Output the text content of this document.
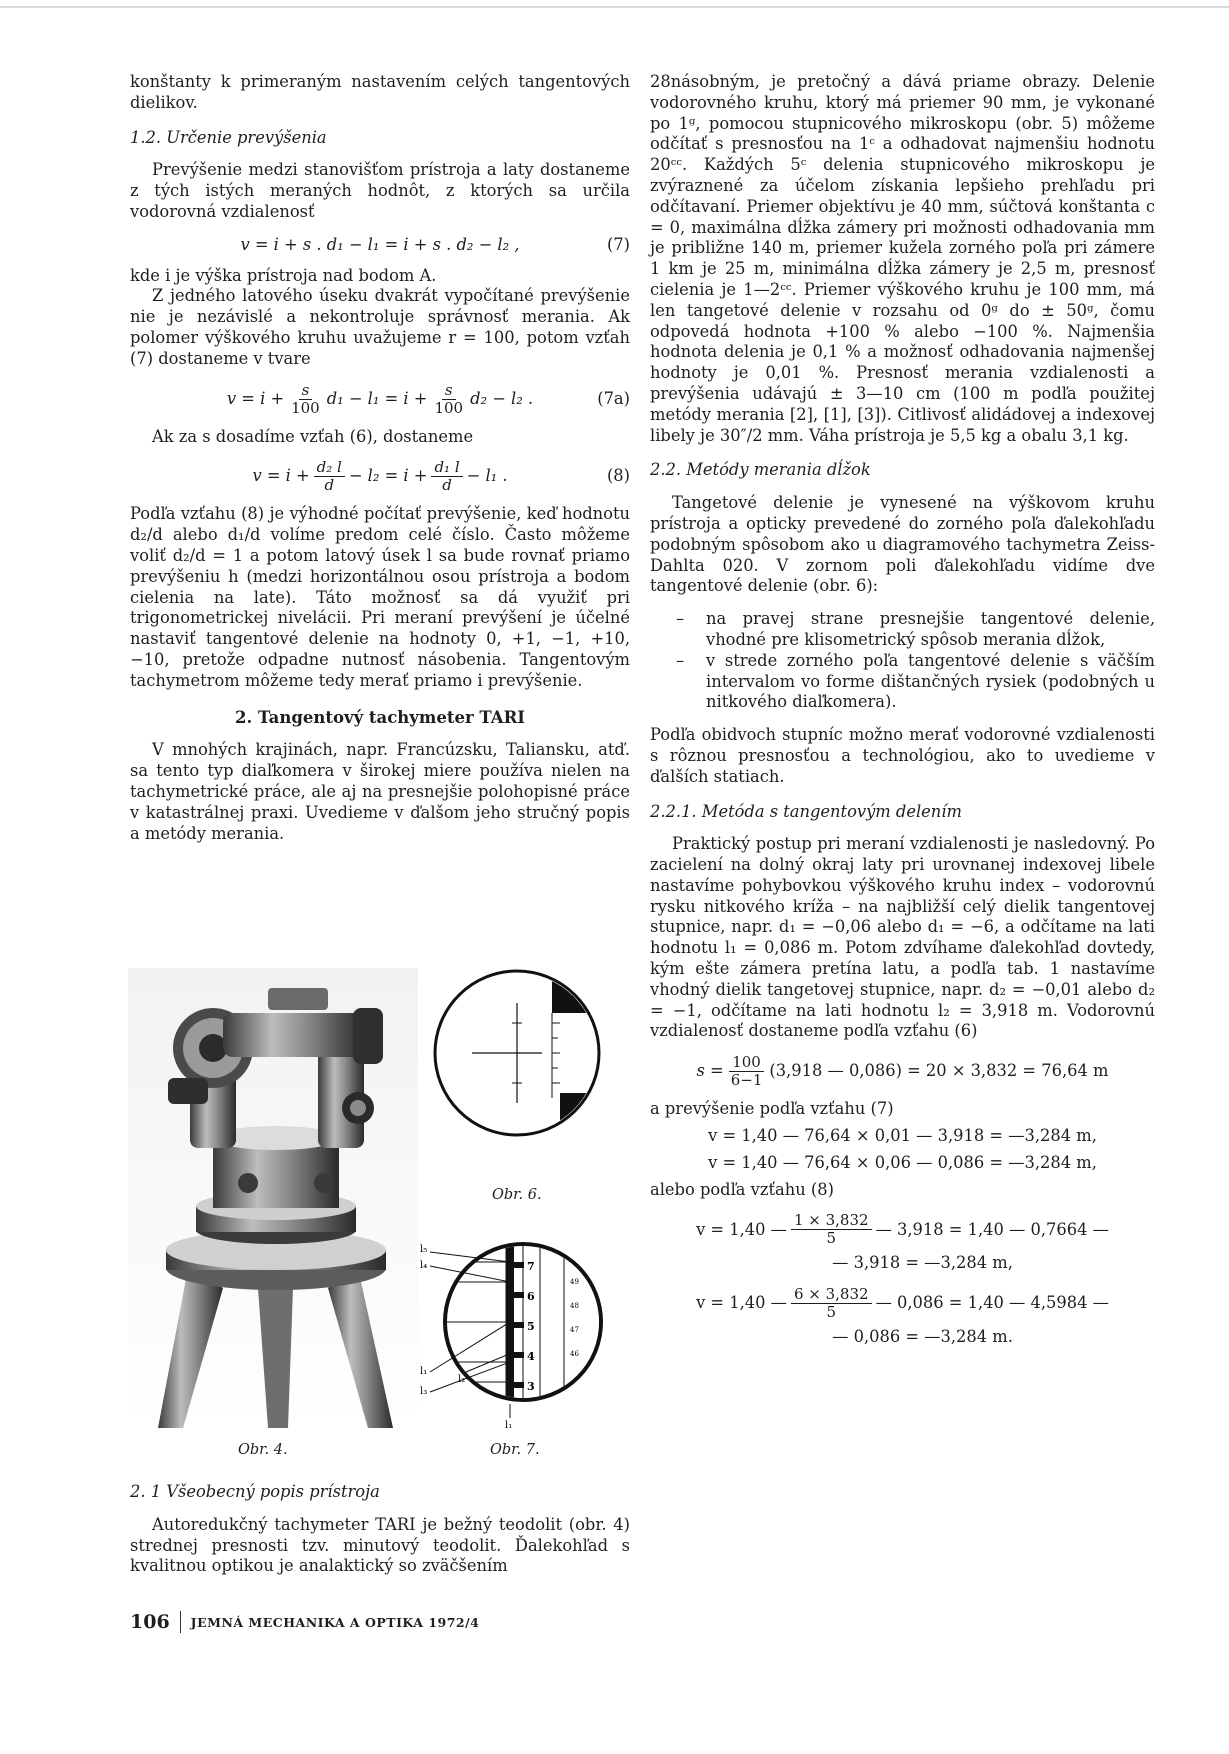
konštanty k primeraným nastavením celých tangentových dielikov.

1.2. Určenie prevýšenia

Prevýšenie medzi stanovišťom prístroja a laty dostaneme z tých istých meraných hodnôt, z ktorých sa určila vodorovná vzdialenosť

v = i + s . d₁ − l₁ = i + s . d₂ − l₂ ,	(7)

kde i je výška prístroja nad bodom A.

Z jedného latového úseku dvakrát vypočítané prevýšenie nie je nezávislé a nekontroluje správnosť merania. Ak polomer výškového kruhu uvažujeme r = 100, potom vzťah (7) dostaneme v tvare

$v = i + \frac{s}{100} d_1 - l_1 = i + \frac{s}{100} d_2 - l_2$ .	(7a)

Ak za s dosadíme vzťah (6), dostaneme

$v = i + \frac{\text{d₂ l}}{d} - l_2 = i + \frac{\text{d₁ l}}{d} - l_1$ .	(8)

Podľa vzťahu (8) je výhodné počítať prevýšenie, keď hodnotu d₂/d alebo d₁/d volíme predom celé číslo. Často môžeme voliť d₂/d = 1 a potom latový úsek l sa bude rovnať priamo prevýšeniu h (medzi horizontálnou osou prístroja a bodom cielenia na late). Táto možnosť sa dá využiť pri trigonometrickej nivelácii. Pri meraní prevýšení je účelné nastaviť tangentové delenie na hodnoty 0, +1, −1, +10, −10, pretože odpadne nutnosť násobenia. Tangentovým tachymetrom môžeme tedy merať priamo i prevýšenie.

2. Tangentový tachymeter TARI

V mnohých krajinách, napr. Francúzsku, Taliansku, atď. sa tento typ diaľkomera v širokej miere používa nielen na tachymetrické práce, ale aj na presnejšie polohopisné práce v katastrálnej praxi. Uvedieme v ďalšom jeho stručný popis a metódy merania.

Obr. 4.
Obr. 6.
l₅
l₄
l₁
l₃
l₂
l₁
7
6
5
4
3
49
48
47
46
Obr. 7.

2. 1 Všeobecný popis prístroja

Autoredukčný tachymeter TARI je bežný teodolit (obr. 4) strednej presnosti tzv. minutový teodolit. Ďalekohľad s kvalitnou optikou je analaktický so zväčšením

28násobným, je pretočný a dává priame obrazy. Delenie vodorovného kruhu, ktorý má priemer 90 mm, je vykonané po 1ᵍ, pomocou stupnicového mikroskopu (obr. 5) môžeme odčítať s presnosťou na 1ᶜ a odhadovat najmenšiu hodnotu 20ᶜᶜ. Každých 5ᶜ delenia stupnicového mikroskopu je zvýraznené za účelom získania lepšieho prehľadu pri odčítavaní. Priemer objektívu je 40 mm, súčtová konštanta c = 0, maximálna dĺžka zámery pri možnosti odhadovania mm je približne 140 m, priemer kužela zorného poľa pri zámere 1 km je 25 m, minimálna dĺžka zámery je 2,5 m, presnosť cielenia je 1—2ᶜᶜ. Priemer výškového kruhu je 100 mm, má len tangetové delenie v rozsahu od 0ᵍ do ± 50ᵍ, čomu odpovedá hodnota +100 % alebo −100 %. Najmenšia hodnota delenia je 0,1 % a možnosť odhadovania najmenšej hodnoty je 0,01 %. Presnosť merania vzdialenosti a prevýšenia udávajú ± 3—10 cm (100 m podľa použitej metódy merania [2], [1], [3]). Citlivosť alidádovej a indexovej libely je 30″/2 mm. Váha prístroja je 5,5 kg a obalu 3,1 kg.

2.2. Metódy merania dĺžok

Tangetové delenie je vynesené na výškovom kruhu prístroja a opticky prevedené do zorného poľa ďalekohľadu podobným spôsobom ako u diagramového tachymetra Zeiss-Dahlta 020. V zornom poli ďalekohľadu vidíme dve tangentové delenie (obr. 6):

–	na pravej strane presnejšie tangentové delenie, vhodné pre klisometrický spôsob merania dĺžok,
–	v strede zorného poľa tangentové delenie s väčším intervalom vo forme dištančných rysiek (podobných u nitkového diaľkomera).

Podľa obidvoch stupníc možno merať vodorovné vzdialenosti s rôznou presnosťou a technológiou, ako to uvedieme v ďalších statiach.

2.2.1. Metóda s tangentovým delením

Praktický postup pri meraní vzdialenosti je nasledovný. Po zacielení na dolný okraj laty pri urovnanej indexovej libele nastavíme pohybovkou výškového kruhu index – vodorovnú rysku nitkového kríža – na najbližší celý dielik tangentovej stupnice, napr. d₁ = −0,06 alebo d₁ = −6, a odčítame na lati hodnotu l₁ = 0,086 m. Potom zdvíhame ďalekohľad dovtedy, kým ešte zámera pretína latu, a podľa tab. 1 nastavíme vhodný dielik tangetovej stupnice, napr. d₂ = −0,01 alebo d₂ = −1, odčítame na lati hodnotu l₂ = 3,918 m. Vodorovnú vzdialenosť dostaneme podľa vzťahu (6)

$s = \frac{100}{6-1} (3,918$ — 0,086) = 20 × 3,832 = 76,64 m

a prevýšenie podľa vzťahu (7)

v = 1,40 — 76,64 × 0,01 — 3,918 = —3,284 m,
v = 1,40 — 76,64 × 0,06 — 0,086 = —3,284 m,

alebo podľa vzťahu (8)

v = 1,40 — $\frac{1 \times 3,832}{5}$ — 3,918 = 1,40 — 0,7664 —
— 3,918 = —3,284 m,
v = 1,40 — $\frac{6 \times 3,832}{5}$ — 0,086 = 1,40 — 4,5984 —
— 0,086 = —3,284 m.
106 JEMNÁ MECHANIKA A OPTIKA 1972/4
